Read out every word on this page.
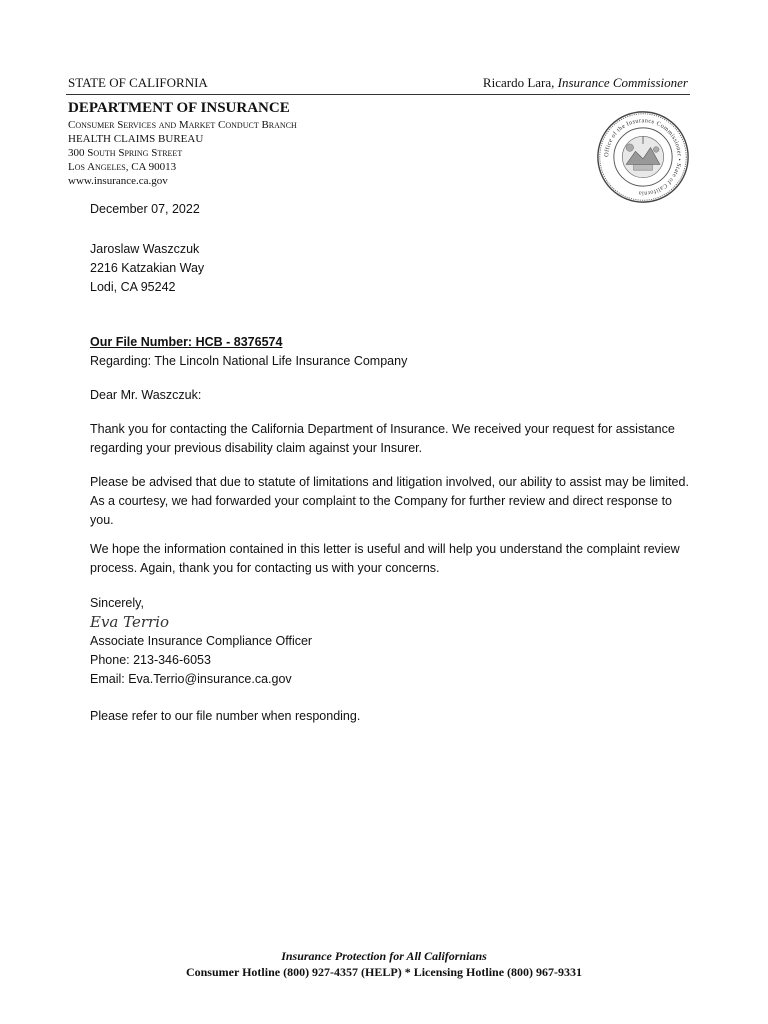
STATE OF CALIFORNIA	Ricardo Lara, Insurance Commissioner
DEPARTMENT OF INSURANCE
Consumer Services and Market Conduct Branch
HEALTH CLAIMS BUREAU
300 South Spring Street
Los Angeles, CA 90013
www.insurance.ca.gov
Office of the Insurance Commissioner • State of California

December 07, 2022

Jaroslaw Waszczuk

2216 Katzakian Way

Lodi, CA 95242

Our File Number: HCB - 8376574

Regarding: The Lincoln National Life Insurance Company

Dear Mr. Waszczuk:

Thank you for contacting the California Department of Insurance. We received your request for assistance regarding your previous disability claim against your Insurer.

Please be advised that due to statute of limitations and litigation involved, our ability to assist may be limited. As a courtesy, we had forwarded your complaint to the Company for further review and direct response to you.

We hope the information contained in this letter is useful and will help you understand the complaint review process. Again, thank you for contacting us with your concerns.

Sincerely,

Eva Terrio

Associate Insurance Compliance Officer

Phone: 213-346-6053

Email: Eva.Terrio@insurance.ca.gov

Please refer to our file number when responding.

Insurance Protection for All Californians
Consumer Hotline (800) 927-4357 (HELP) * Licensing Hotline (800) 967-9331
